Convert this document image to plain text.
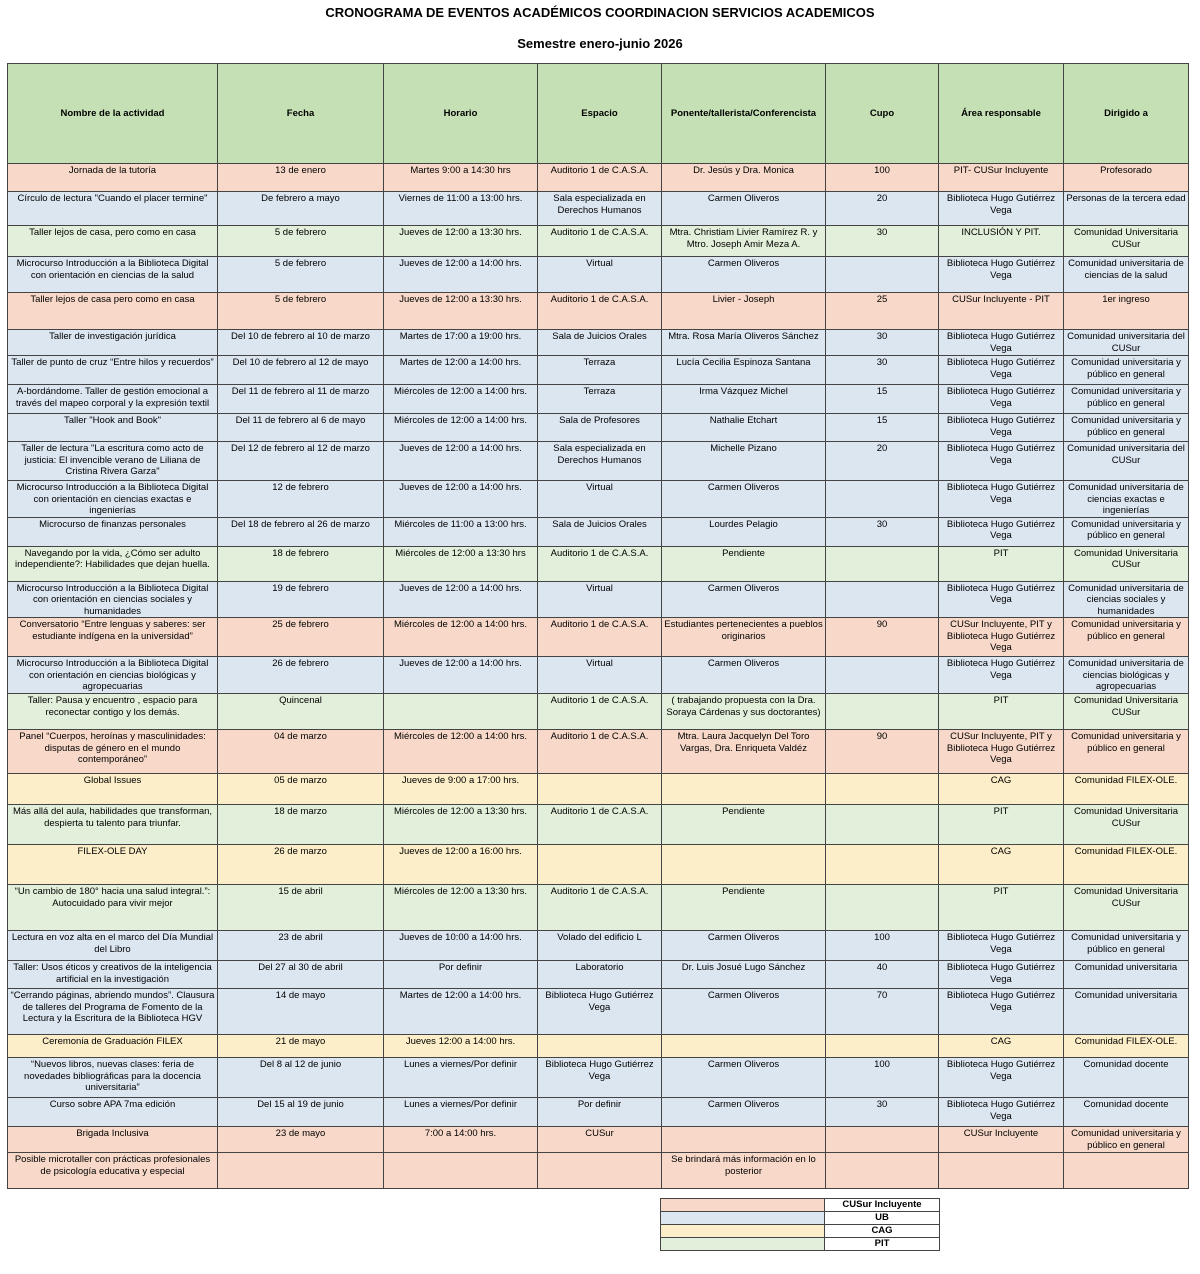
CRONOGRAMA DE EVENTOS ACADÉMICOS COORDINACION SERVICIOS ACADEMICOS
Semestre enero-junio 2026
Nombre de la actividad	Fecha	Horario	Espacio	Ponente/tallerista/Conferencista	Cupo	Área responsable	Dirigido a
Jornada de la tutoría	13 de enero	Martes 9:00 a 14:30 hrs	Auditorio 1 de C.A.S.A.	Dr. Jesús y Dra. Monica	100	PIT- CUSur Incluyente	Profesorado
Círculo de lectura "Cuando el placer termine"	De febrero a mayo	Viernes de 11:00 a 13:00 hrs.	Sala especializada en Derechos Humanos	Carmen Oliveros	20	Biblioteca Hugo Gutiérrez Vega	Personas de la tercera edad
Taller lejos de casa, pero como en casa	5 de febrero	Jueves de 12:00 a 13:30 hrs.	Auditorio 1 de C.A.S.A.	Mtra. Christiam Livier Ramírez R. y Mtro. Joseph Amir Meza A.	30	INCLUSIÓN Y PIT.	Comunidad Universitaria CUSur
Microcurso Introducción a la Biblioteca Digital con orientación en ciencias de la salud	5 de febrero	Jueves de 12:00 a 14:00 hrs.	Virtual	Carmen Oliveros		Biblioteca Hugo Gutiérrez Vega	Comunidad universitaria de ciencias de la salud
Taller lejos de casa pero como en casa	5 de febrero	Jueves de 12:00 a 13:30 hrs.	Auditorio 1 de C.A.S.A.	Livier - Joseph	25	CUSur Incluyente - PIT	1er ingreso
Taller de investigación jurídica	Del 10 de febrero al 10 de marzo	Martes de 17:00 a 19:00 hrs.	Sala de Juicios Orales	Mtra. Rosa María Oliveros Sánchez	30	Biblioteca Hugo Gutiérrez Vega	Comunidad universitaria del CUSur
Taller de punto de cruz “Entre hilos y recuerdos”	Del 10 de febrero al 12 de mayo	Martes de 12:00 a 14:00 hrs.	Terraza	Lucía Cecilia Espinoza Santana	30	Biblioteca Hugo Gutiérrez Vega	Comunidad universitaria y público en general
A-bordándome. Taller de gestión emocional a través del mapeo corporal y la expresión textil	Del 11 de febrero al 11 de marzo	Miércoles de 12:00 a 14:00 hrs.	Terraza	Irma Vázquez Michel	15	Biblioteca Hugo Gutiérrez Vega	Comunidad universitaria y público en general
Taller "Hook and Book"	Del 11 de febrero al 6 de mayo	Miércoles de 12:00 a 14:00 hrs.	Sala de Profesores	Nathalie Etchart	15	Biblioteca Hugo Gutiérrez Vega	Comunidad universitaria y público en general
Taller de lectura "La escritura como acto de justicia: El invencible verano de Liliana de Cristina Rivera Garza"	Del 12 de febrero al 12 de marzo	Jueves de 12:00 a 14:00 hrs.	Sala especializada en Derechos Humanos	Michelle Pizano	20	Biblioteca Hugo Gutiérrez Vega	Comunidad universitaria del CUSur
Microcurso Introducción a la Biblioteca Digital con orientación en ciencias exactas e ingenierías	12 de febrero	Jueves de 12:00 a 14:00 hrs.	Virtual	Carmen Oliveros		Biblioteca Hugo Gutiérrez Vega	Comunidad universitaria de ciencias exactas e ingenierías
Microcurso de finanzas personales	Del 18 de febrero al 26 de marzo	Miércoles de 11:00 a 13:00 hrs.	Sala de Juicios Orales	Lourdes Pelagio	30	Biblioteca Hugo Gutiérrez Vega	Comunidad universitaria y público en general
Navegando por la vida, ¿Cómo ser adulto independiente?: Habilidades que dejan huella.	18 de febrero	Miércoles de 12:00 a 13:30 hrs	Auditorio 1 de C.A.S.A.	Pendiente		PIT	Comunidad Universitaria CUSur
Microcurso Introducción a la Biblioteca Digital con orientación en ciencias sociales y humanidades	19 de febrero	Jueves de 12:00 a 14:00 hrs.	Virtual	Carmen Oliveros		Biblioteca Hugo Gutiérrez Vega	Comunidad universitaria de ciencias sociales y humanidades
Conversatorio “Entre lenguas y saberes: ser estudiante indígena en la universidad”	25 de febrero	Miércoles de 12:00 a 14:00 hrs.	Auditorio 1 de C.A.S.A.	Estudiantes pertenecientes a pueblos originarios	90	CUSur Incluyente, PIT y Biblioteca Hugo Gutiérrez Vega	Comunidad universitaria y público en general
Microcurso Introducción a la Biblioteca Digital con orientación en ciencias biológicas y agropecuarias	26 de febrero	Jueves de 12:00 a 14:00 hrs.	Virtual	Carmen Oliveros		Biblioteca Hugo Gutiérrez Vega	Comunidad universitaria de ciencias biológicas y agropecuarias
Taller: Pausa y encuentro , espacio para reconectar contigo y los demás.	Quincenal		Auditorio 1 de C.A.S.A.	( trabajando propuesta con la Dra. Soraya Cárdenas y sus doctorantes)		PIT	Comunidad Universitaria CUSur
Panel “Cuerpos, heroínas y masculinidades: disputas de género en el mundo contemporáneo”	04 de marzo	Miércoles de 12:00 a 14:00 hrs.	Auditorio 1 de C.A.S.A.	Mtra. Laura Jacquelyn Del Toro Vargas, Dra. Enriqueta Valdéz	90	CUSur Incluyente, PIT y Biblioteca Hugo Gutiérrez Vega	Comunidad universitaria y público en general
Global Issues	05 de marzo	Jueves de 9:00 a 17:00 hrs.				CAG	Comunidad FILEX-OLE.
Más allá del aula, habilidades que transforman, despierta tu talento para triunfar.	18 de marzo	Miércoles de 12:00 a 13:30 hrs.	Auditorio 1 de C.A.S.A.	Pendiente		PIT	Comunidad Universitaria CUSur
FILEX-OLE DAY	26 de marzo	Jueves de 12:00 a 16:00 hrs.				CAG	Comunidad FILEX-OLE.
“Un cambio de 180° hacia una salud integral.”: Autocuidado para vivir mejor	15 de abril	Miércoles de 12:00 a 13:30 hrs.	Auditorio 1 de C.A.S.A.	Pendiente		PIT	Comunidad Universitaria CUSur
Lectura en voz alta en el marco del Día Mundial del Libro	23 de abril	Jueves de 10:00 a 14:00 hrs.	Volado del edificio L	Carmen Oliveros	100	Biblioteca Hugo Gutiérrez Vega	Comunidad universitaria y público en general
Taller: Usos éticos y creativos de la inteligencia artificial en la investigación	Del 27 al 30 de abril	Por definir	Laboratorio	Dr. Luis Josué Lugo Sánchez	40	Biblioteca Hugo Gutiérrez Vega	Comunidad universitaria
“Cerrando páginas, abriendo mundos”. Clausura de talleres del Programa de Fomento de la Lectura y la Escritura de la Biblioteca HGV	14 de mayo	Martes de 12:00 a 14:00 hrs.	Biblioteca Hugo Gutiérrez Vega	Carmen Oliveros	70	Biblioteca Hugo Gutiérrez Vega	Comunidad universitaria
Ceremonia de Graduación FILEX	21 de mayo	Jueves 12:00 a 14:00 hrs.				CAG	Comunidad FILEX-OLE.
“Nuevos libros, nuevas clases: feria de novedades bibliográficas para la docencia universitaria”	Del 8 al 12 de junio	Lunes a viernes/Por definir	Biblioteca Hugo Gutiérrez Vega	Carmen Oliveros	100	Biblioteca Hugo Gutiérrez Vega	Comunidad docente
Curso sobre APA 7ma edición	Del 15 al 19 de junio	Lunes a viernes/Por definir	Por definir	Carmen Oliveros	30	Biblioteca Hugo Gutiérrez Vega	Comunidad docente
Brigada Inclusiva	23 de mayo	7:00 a 14:00 hrs.	CUSur			CUSur Incluyente	Comunidad universitaria y público en general
Posible microtaller con prácticas profesionales de psicología educativa y especial				Se brindará más información en lo posterior			
	CUSur Incluyente
	UB
	CAG
	PIT
